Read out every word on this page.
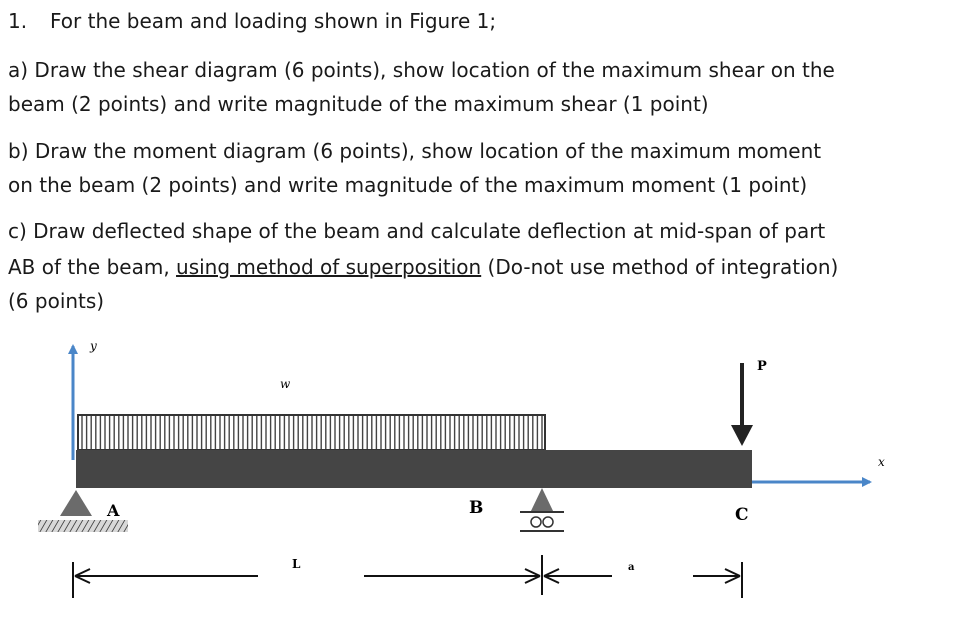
1. For the beam and loading shown in Figure 1;
a) Draw the shear diagram (6 points), show location of the maximum shear on the
beam (2 points) and write magnitude of the maximum shear (1 point)
b) Draw the moment diagram (6 points), show location of the maximum moment
on the beam (2 points) and write magnitude of the maximum moment (1 point)
c) Draw deflected shape of the beam and calculate deflection at mid-span of part
AB of the beam, using method of superposition (Do-not use method of integration)
(6 points)
y
x
w
P
A	B	C
L	a
